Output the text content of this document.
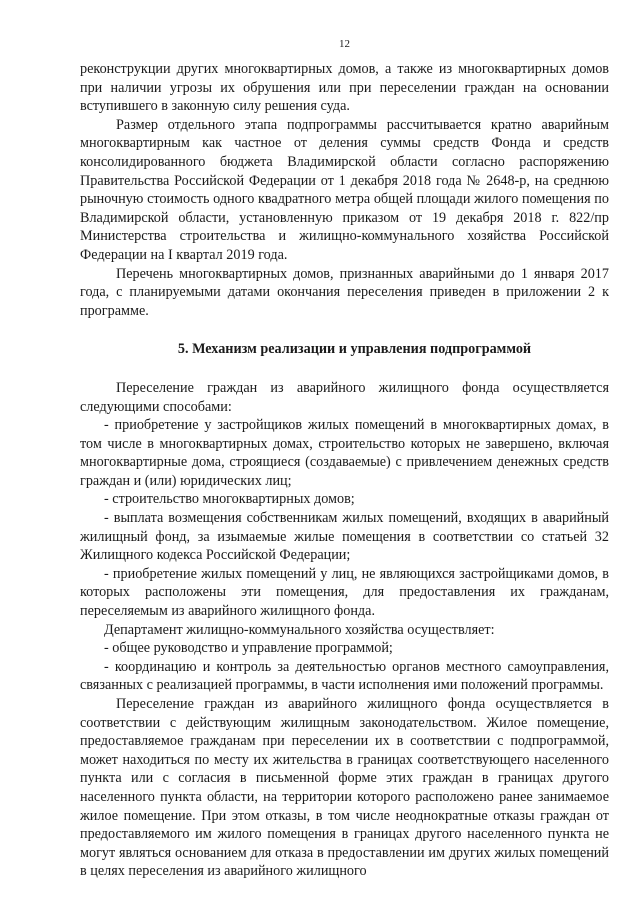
12

реконструкции других многоквартирных домов, а также из многоквартирных домов при наличии угрозы их обрушения или при переселении граждан на основании вступившего в законную силу решения суда.

Размер отдельного этапа подпрограммы рассчитывается кратно аварийным многоквартирным как частное от деления суммы средств Фонда и средств консолидированного бюджета Владимирской области согласно распоряжению Правительства Российской Федерации от 1 декабря 2018 года № 2648-р, на среднюю рыночную стоимость одного квадратного метра общей площади жилого помещения по Владимирской области, установленную приказом от 19 декабря 2018 г. 822/пр Министерства строительства и жилищно-коммунального хозяйства Российской Федерации на I квартал 2019 года.

Перечень многоквартирных домов, признанных аварийными до 1 января 2017 года, с планируемыми датами окончания переселения приведен в приложении 2 к программе.

5. Механизм реализации и управления подпрограммой

Переселение граждан из аварийного жилищного фонда осуществляется следующими способами:

- приобретение у застройщиков жилых помещений в многоквартирных домах, в том числе в многоквартирных домах, строительство которых не завершено, включая многоквартирные дома, строящиеся (создаваемые) с привлечением денежных средств граждан и (или) юридических лиц;

- строительство многоквартирных домов;

- выплата возмещения собственникам жилых помещений, входящих в аварийный жилищный фонд, за изымаемые жилые помещения в соответствии со статьей 32 Жилищного кодекса Российской Федерации;

- приобретение жилых помещений у лиц, не являющихся застройщиками домов, в которых расположены эти помещения, для предоставления их гражданам, переселяемым из аварийного жилищного фонда.

Департамент жилищно-коммунального хозяйства осуществляет:

- общее руководство и управление программой;

- координацию и контроль за деятельностью органов местного самоуправления, связанных с реализацией программы, в части исполнения ими положений программы.

Переселение граждан из аварийного жилищного фонда осуществляется в соответствии с действующим жилищным законодательством. Жилое помещение, предоставляемое гражданам при переселении их в соответствии с подпрограммой, может находиться по месту их жительства в границах соответствующего населенного пункта или с согласия в письменной форме этих граждан в границах другого населенного пункта области, на территории которого расположено ранее занимаемое жилое помещение. При этом отказы, в том числе неоднократные отказы граждан от предоставляемого им жилого помещения в границах другого населенного пункта не могут являться основанием для отказа в предоставлении им других жилых помещений в целях переселения из аварийного жилищного
